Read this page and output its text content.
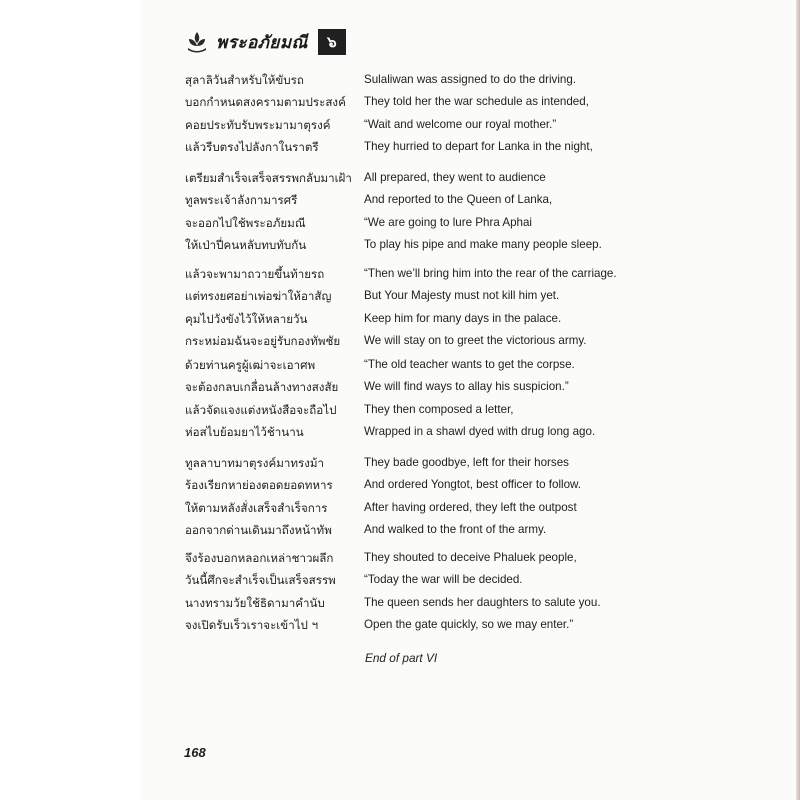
พระอภัยมณี	๖
สุลาลิวันสำหรับให้ขับรถ
บอกกำหนดสงครามตามประสงค์
คอยประทับรับพระมามาตุรงค์
แล้วรีบตรงไปลังกาในราตรี
Sulaliwan was assigned to do the driving.
They told her the war schedule as intended,
“Wait and welcome our royal mother.”
They hurried to depart for Lanka in the night,
เตรียมสำเร็จเสร็จสรรพกลับมาเฝ้า
ทูลพระเจ้าลังกามารศรี
จะออกไปใช้พระอภัยมณี
ให้เป่าปี่คนหลับทบทับกัน
All prepared, they went to audience
And reported to the Queen of Lanka,
“We are going to lure Phra Aphai
To play his pipe and make many people sleep.
แล้วจะพามาถวายขึ้นท้ายรถ
แต่ทรงยศอย่าเพ่อฆ่าให้อาสัญ
คุมไปวังขังไว้ให้หลายวัน
กระหม่อมฉันจะอยู่รับกองทัพชัย
“Then we’ll bring him into the rear of the carriage.
But Your Majesty must not kill him yet.
Keep him for many days in the palace.
We will stay on to greet the victorious army.
ด้วยท่านครูผู้เฒ่าจะเอาศพ
จะต้องกลบเกลื่อนล้างทางสงสัย
แล้วจัดแจงแต่งหนังสือจะถือไป
ห่อสไบย้อมยาไว้ช้านาน
“The old teacher wants to get the corpse.
We will find ways to allay his suspicion.”
They then composed a letter,
Wrapped in a shawl dyed with drug long ago.
ทูลลาบาทมาตุรงค์มาทรงม้า
ร้องเรียกหาย่องตอดยอดทหาร
ให้ตามหลังสั่งเสร็จสำเร็จการ
ออกจากด่านเดินมาถึงหน้าทัพ
They bade goodbye, left for their horses
And ordered Yongtot, best officer to follow.
After having ordered, they left the outpost
And walked to the front of the army.
จึงร้องบอกหลอกเหล่าชาวผลึก
วันนี้ศึกจะสำเร็จเป็นเสร็จสรรพ
นางทรามวัยใช้ธิดามาคำนับ
จงเปิดรับเร็วเราจะเข้าไป ฯ
They shouted to deceive Phaluek people,
“Today the war will be decided.
The queen sends her daughters to salute you.
Open the gate quickly, so we may enter.”
End of part VI
168
